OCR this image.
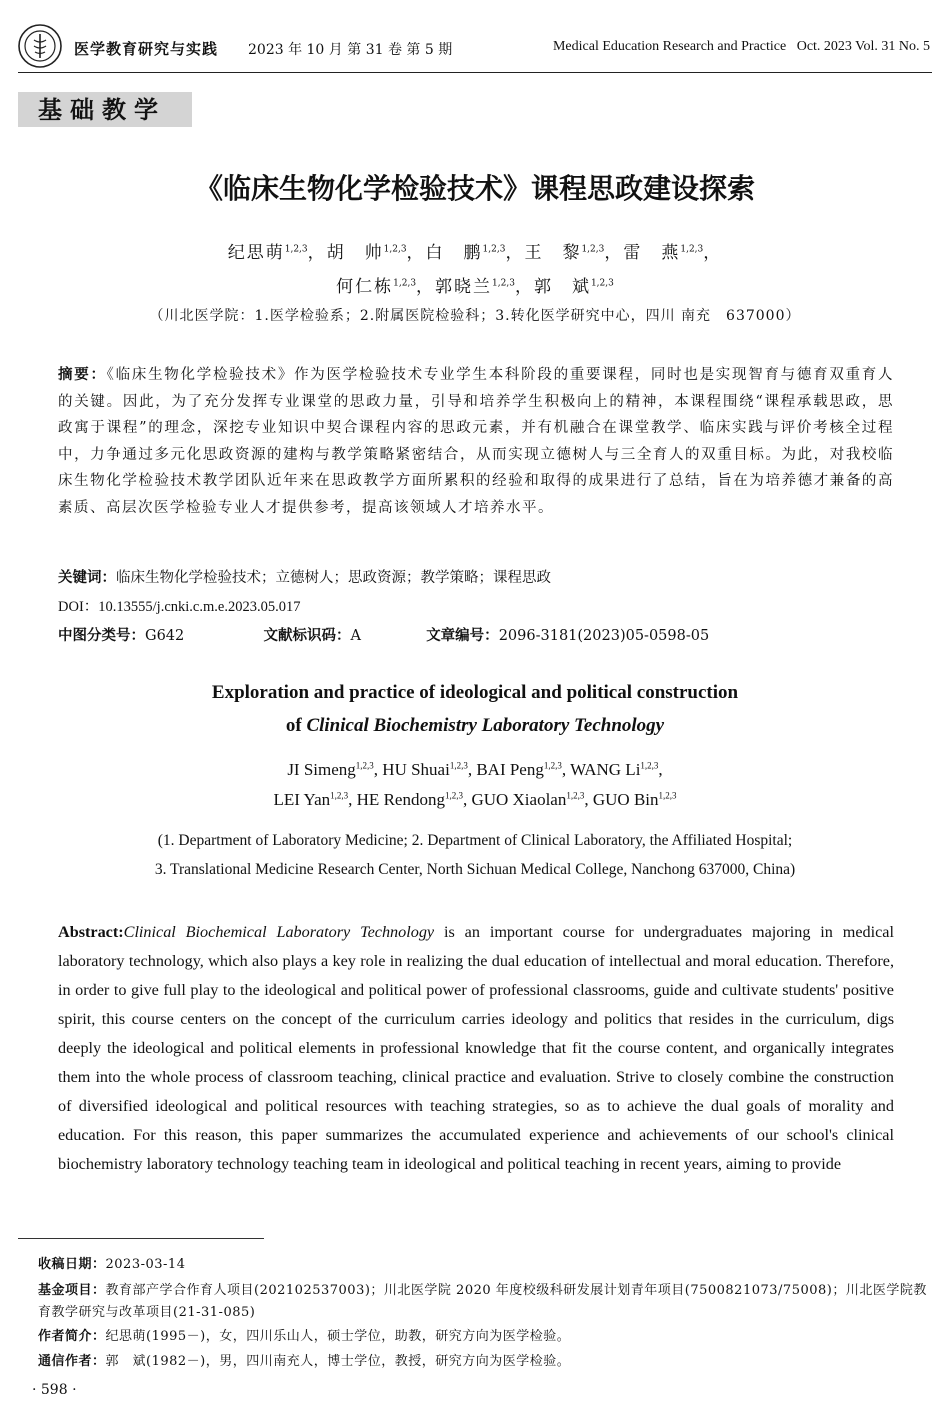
医学教育研究与实践 2023 年 10 月 第 31 卷 第 5 期	Medical Education Research and Practice Oct. 2023 Vol. 31 No. 5
基础教学
《临床生物化学检验技术》课程思政建设探索
纪思萌$^{1,2,3}$，胡　帅$^{1,2,3}$，白　鹏$^{1,2,3}$，王　黎$^{1,2,3}$，雷　燕$^{1,2,3}$，
何仁栋$^{1,2,3}$，郭晓兰$^{1,2,3}$，郭　斌$^{1,2,3}$
（川北医学院：1.医学检验系；2.附属医院检验科；3.转化医学研究中心，四川 南充　637000）
摘要：《临床生物化学检验技术》作为医学检验技术专业学生本科阶段的重要课程，同时也是实现智育与德育双重育人的关键。因此，为了充分发挥专业课堂的思政力量，引导和培养学生积极向上的精神，本课程围绕“课程承载思政，思政寓于课程”的理念，深挖专业知识中契合课程内容的思政元素，并有机融合在课堂教学、临床实践与评价考核全过程中，力争通过多元化思政资源的建构与教学策略紧密结合，从而实现立德树人与三全育人的双重目标。为此，对我校临床生物化学检验技术教学团队近年来在思政教学方面所累积的经验和取得的成果进行了总结，旨在为培养德才兼备的高素质、高层次医学检验专业人才提供参考，提高该领域人才培养水平。
关键词：临床生物化学检验技术；立德树人；思政资源；教学策略；课程思政
DOI：10.13555/j.cnki.c.m.e.2023.05.017
中图分类号：G642	文献标识码：A	文章编号：2096-3181(2023)05-0598-05
Exploration and practice of ideological and political construction
of Clinical Biochemistry Laboratory Technology
JI Simeng$^{1,2,3}$, HU Shuai$^{1,2,3}$, BAI Peng$^{1,2,3}$, WANG Li$^{1,2,3}$,
LEI Yan$^{1,2,3}$, HE Rendong$^{1,2,3}$, GUO Xiaolan$^{1,2,3}$, GUO Bin$^{1,2,3}$
(1. Department of Laboratory Medicine; 2. Department of Clinical Laboratory, the Affiliated Hospital;
3. Translational Medicine Research Center, North Sichuan Medical College, Nanchong 637000, China)
Abstract:Clinical Biochemical Laboratory Technology is an important course for undergraduates majoring in medical laboratory technology, which also plays a key role in realizing the dual education of intellectual and moral education. Therefore, in order to give full play to the ideological and political power of professional classrooms, guide and cultivate students' positive spirit, this course centers on the concept of the curriculum carries ideology and politics that resides in the curriculum, digs deeply the ideological and political elements in professional knowledge that fit the course content, and organically integrates them into the whole process of classroom teaching, clinical practice and evaluation. Strive to closely combine the construction of diversified ideological and political resources with teaching strategies, so as to achieve the dual goals of morality and education. For this reason, this paper summarizes the accumulated experience and achievements of our school's clinical biochemistry laboratory technology teaching team in ideological and political teaching in recent years, aiming to provide
收稿日期：2023-03-14
基金项目：教育部产学合作育人项目(202102537003)；川北医学院 2020 年度校级科研发展计划青年项目(7500821073/75008)；川北医学院教育教学研究与改革项目(21-31-085)
作者简介：纪思萌(1995－)，女，四川乐山人，硕士学位，助教，研究方向为医学检验。
通信作者：郭　斌(1982－)，男，四川南充人，博士学位，教授，研究方向为医学检验。
· 598 ·
